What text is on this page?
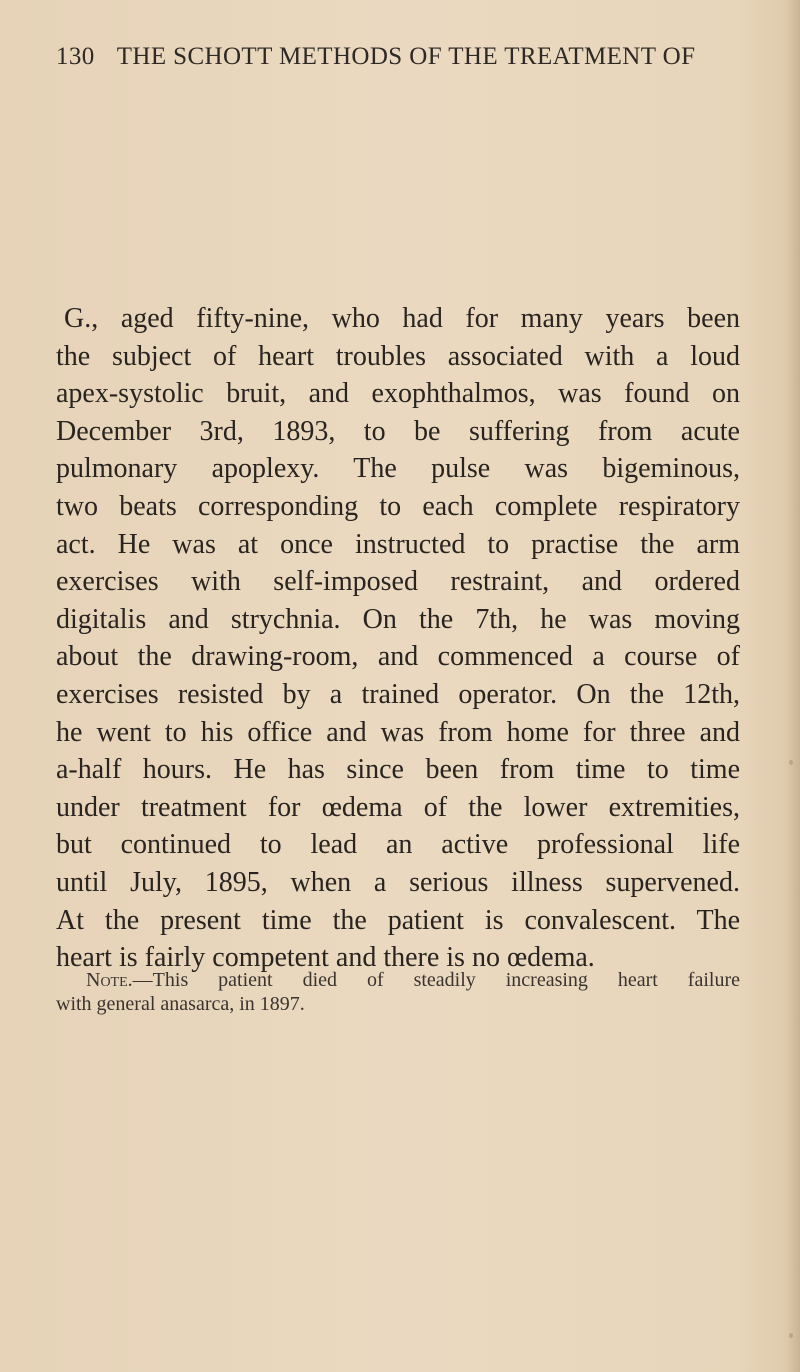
130 THE SCHOTT METHODS OF THE TREATMENT OF
G., aged fifty-nine, who had for many years been
the subject of heart troubles associated with a loud
apex-systolic bruit, and exophthalmos, was found on
December 3rd, 1893, to be suffering from acute
pulmonary apoplexy. The pulse was bigeminous,
two beats corresponding to each complete respiratory
act. He was at once instructed to practise the arm
exercises with self-imposed restraint, and ordered
digitalis and strychnia. On the 7th, he was moving
about the drawing-room, and commenced a course of
exercises resisted by a trained operator. On the 12th,
he went to his office and was from home for three and
a-half hours. He has since been from time to time
under treatment for œdema of the lower extremities,
but continued to lead an active professional life
until July, 1895, when a serious illness supervened.
At the present time the patient is convalescent. The
heart is fairly competent and there is no œdema.
Note.—This patient died of steadily increasing heart failure
with general anasarca, in 1897.
